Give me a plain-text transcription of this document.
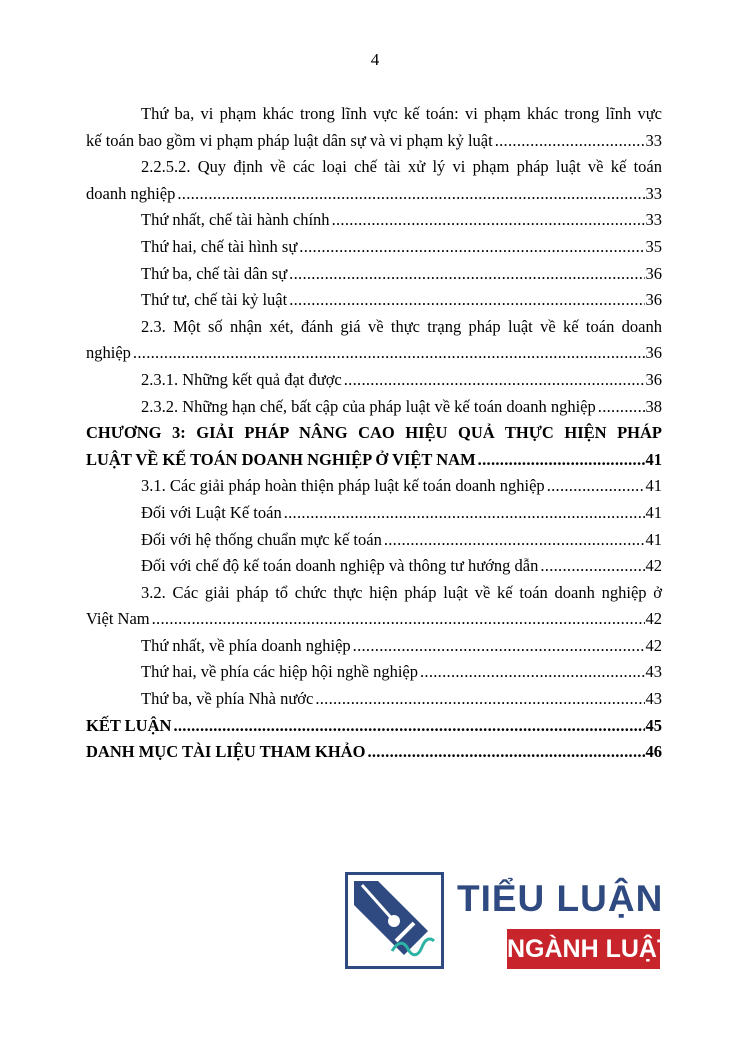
4
Thứ ba, vi phạm khác trong lĩnh vực kế toán: vi phạm khác trong lĩnh vực
kế toán bao gồm vi phạm pháp luật dân sự và vi phạm kỷ luật .....	33
2.2.5.2. Quy định về các loại chế tài xử lý vi phạm pháp luật về kế toán
doanh nghiệp .....	33
Thứ nhất, chế tài hành chính .....	33
Thứ hai, chế tài hình sự .....	35
Thứ ba, chế tài dân sự .....	36
Thứ tư, chế tài kỷ luật .....	36
2.3. Một số nhận xét, đánh giá về thực trạng pháp luật về kế toán doanh
nghiệp .....	36
2.3.1. Những kết quả đạt được .....	36
2.3.2. Những hạn chế, bất cập của pháp luật về kế toán doanh nghiệp .....	38
CHƯƠNG 3: GIẢI PHÁP NÂNG CAO HIỆU QUẢ THỰC HIỆN PHÁP
LUẬT VỀ KẾ TOÁN DOANH NGHIỆP Ở VIỆT NAM .....	41
3.1. Các giải pháp hoàn thiện pháp luật kế toán doanh nghiệp .....	41
Đối với Luật Kế toán .....	41
Đối với hệ thống chuẩn mực kế toán .....	41
Đối với chế độ kế toán doanh nghiệp và thông tư hướng dẫn .....	42
3.2. Các giải pháp tổ chức thực hiện pháp luật về kế toán doanh nghiệp ở
Việt Nam .....	42
Thứ nhất, về phía doanh nghiệp .....	42
Thứ hai, về phía các hiệp hội nghề nghiệp .....	43
Thứ ba, về phía Nhà nước .....	43
KẾT LUẬN .....	45
DANH MỤC TÀI LIỆU THAM KHẢO .....	46
TIỂU LUẬN
NGÀNH LUẬT
